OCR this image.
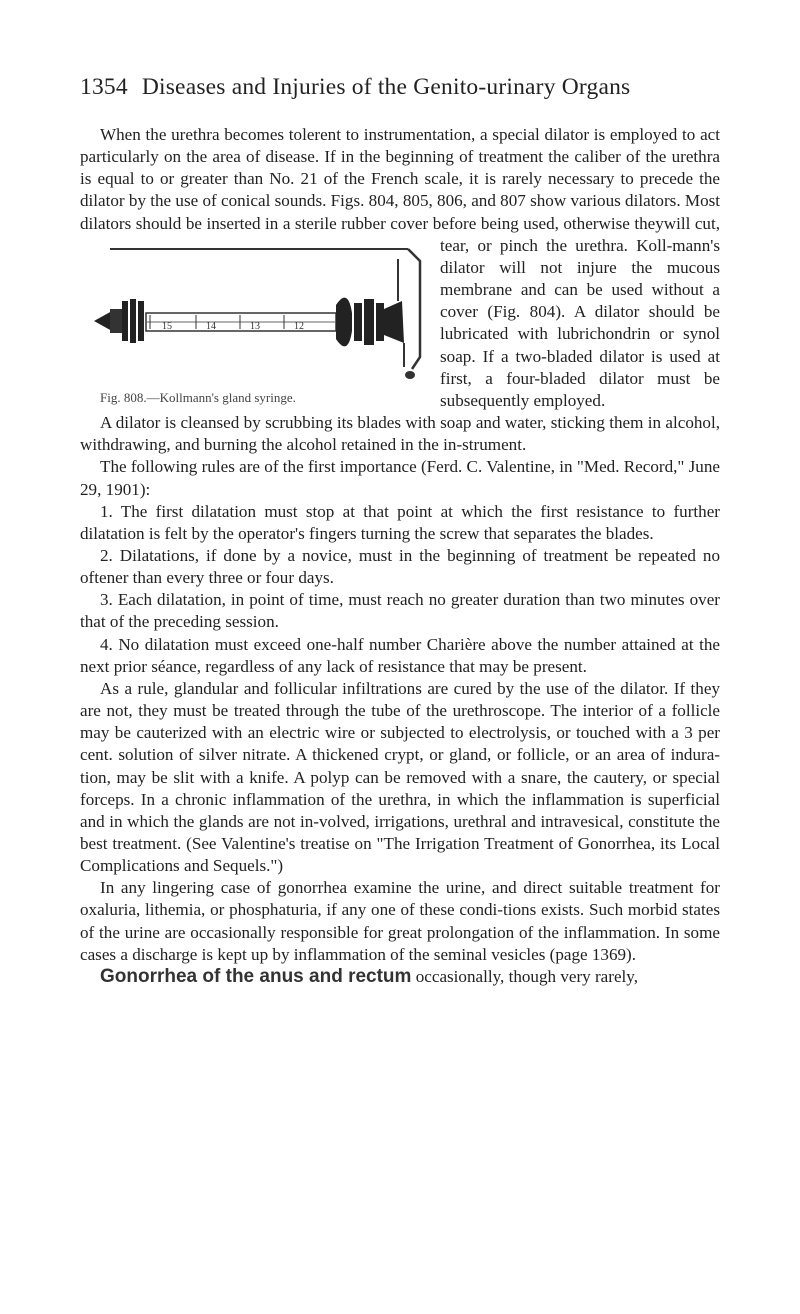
1354 Diseases and Injuries of the Genito-urinary Organs

When the urethra becomes tolerent to instrumentation, a special dilator is employed to act particularly on the area of disease. If in the beginning of treatment the caliber of the urethra is equal to or greater than No. 21 of the French scale, it is rarely necessary to precede the dilator by the use of conical sounds. Figs. 804, 805, 806, and 807 show various dilators. Most dilators should be inserted in a sterile rubber cover before being used, otherwise they
15	14	13	12
Fig. 808.—Kollmann's gland syringe.
will cut, tear, or pinch the urethra. Koll-mann's dilator will not injure the mucous membrane and can be used without a cover (Fig. 804). A dilator should be lubricated with lubrichondrin or synol soap. If a two-bladed dilator is used at first, a four-bladed dilator must be subsequently employed.

A dilator is cleansed by scrubbing its blades with soap and water, sticking them in alcohol, withdrawing, and burning the alcohol retained in the in-strument.

The following rules are of the first importance (Ferd. C. Valentine, in "Med. Record," June 29, 1901):

1. The first dilatation must stop at that point at which the first resistance to further dilatation is felt by the operator's fingers turning the screw that separates the blades.

2. Dilatations, if done by a novice, must in the beginning of treatment be repeated no oftener than every three or four days.

3. Each dilatation, in point of time, must reach no greater duration than two minutes over that of the preceding session.

4. No dilatation must exceed one-half number Charière above the number attained at the next prior séance, regardless of any lack of resistance that may be present.

As a rule, glandular and follicular infiltrations are cured by the use of the dilator. If they are not, they must be treated through the tube of the urethroscope. The interior of a follicle may be cauterized with an electric wire or subjected to electrolysis, or touched with a 3 per cent. solution of silver nitrate. A thickened crypt, or gland, or follicle, or an area of indura-tion, may be slit with a knife. A polyp can be removed with a snare, the cautery, or special forceps. In a chronic inflammation of the urethra, in which the inflammation is superficial and in which the glands are not in-volved, irrigations, urethral and intravesical, constitute the best treatment. (See Valentine's treatise on "The Irrigation Treatment of Gonorrhea, its Local Complications and Sequels.")

In any lingering case of gonorrhea examine the urine, and direct suitable treatment for oxaluria, lithemia, or phosphaturia, if any one of these condi-tions exists. Such morbid states of the urine are occasionally responsible for great prolongation of the inflammation. In some cases a discharge is kept up by inflammation of the seminal vesicles (page 1369).

Gonorrhea of the anus and rectum occasionally, though very rarely,
